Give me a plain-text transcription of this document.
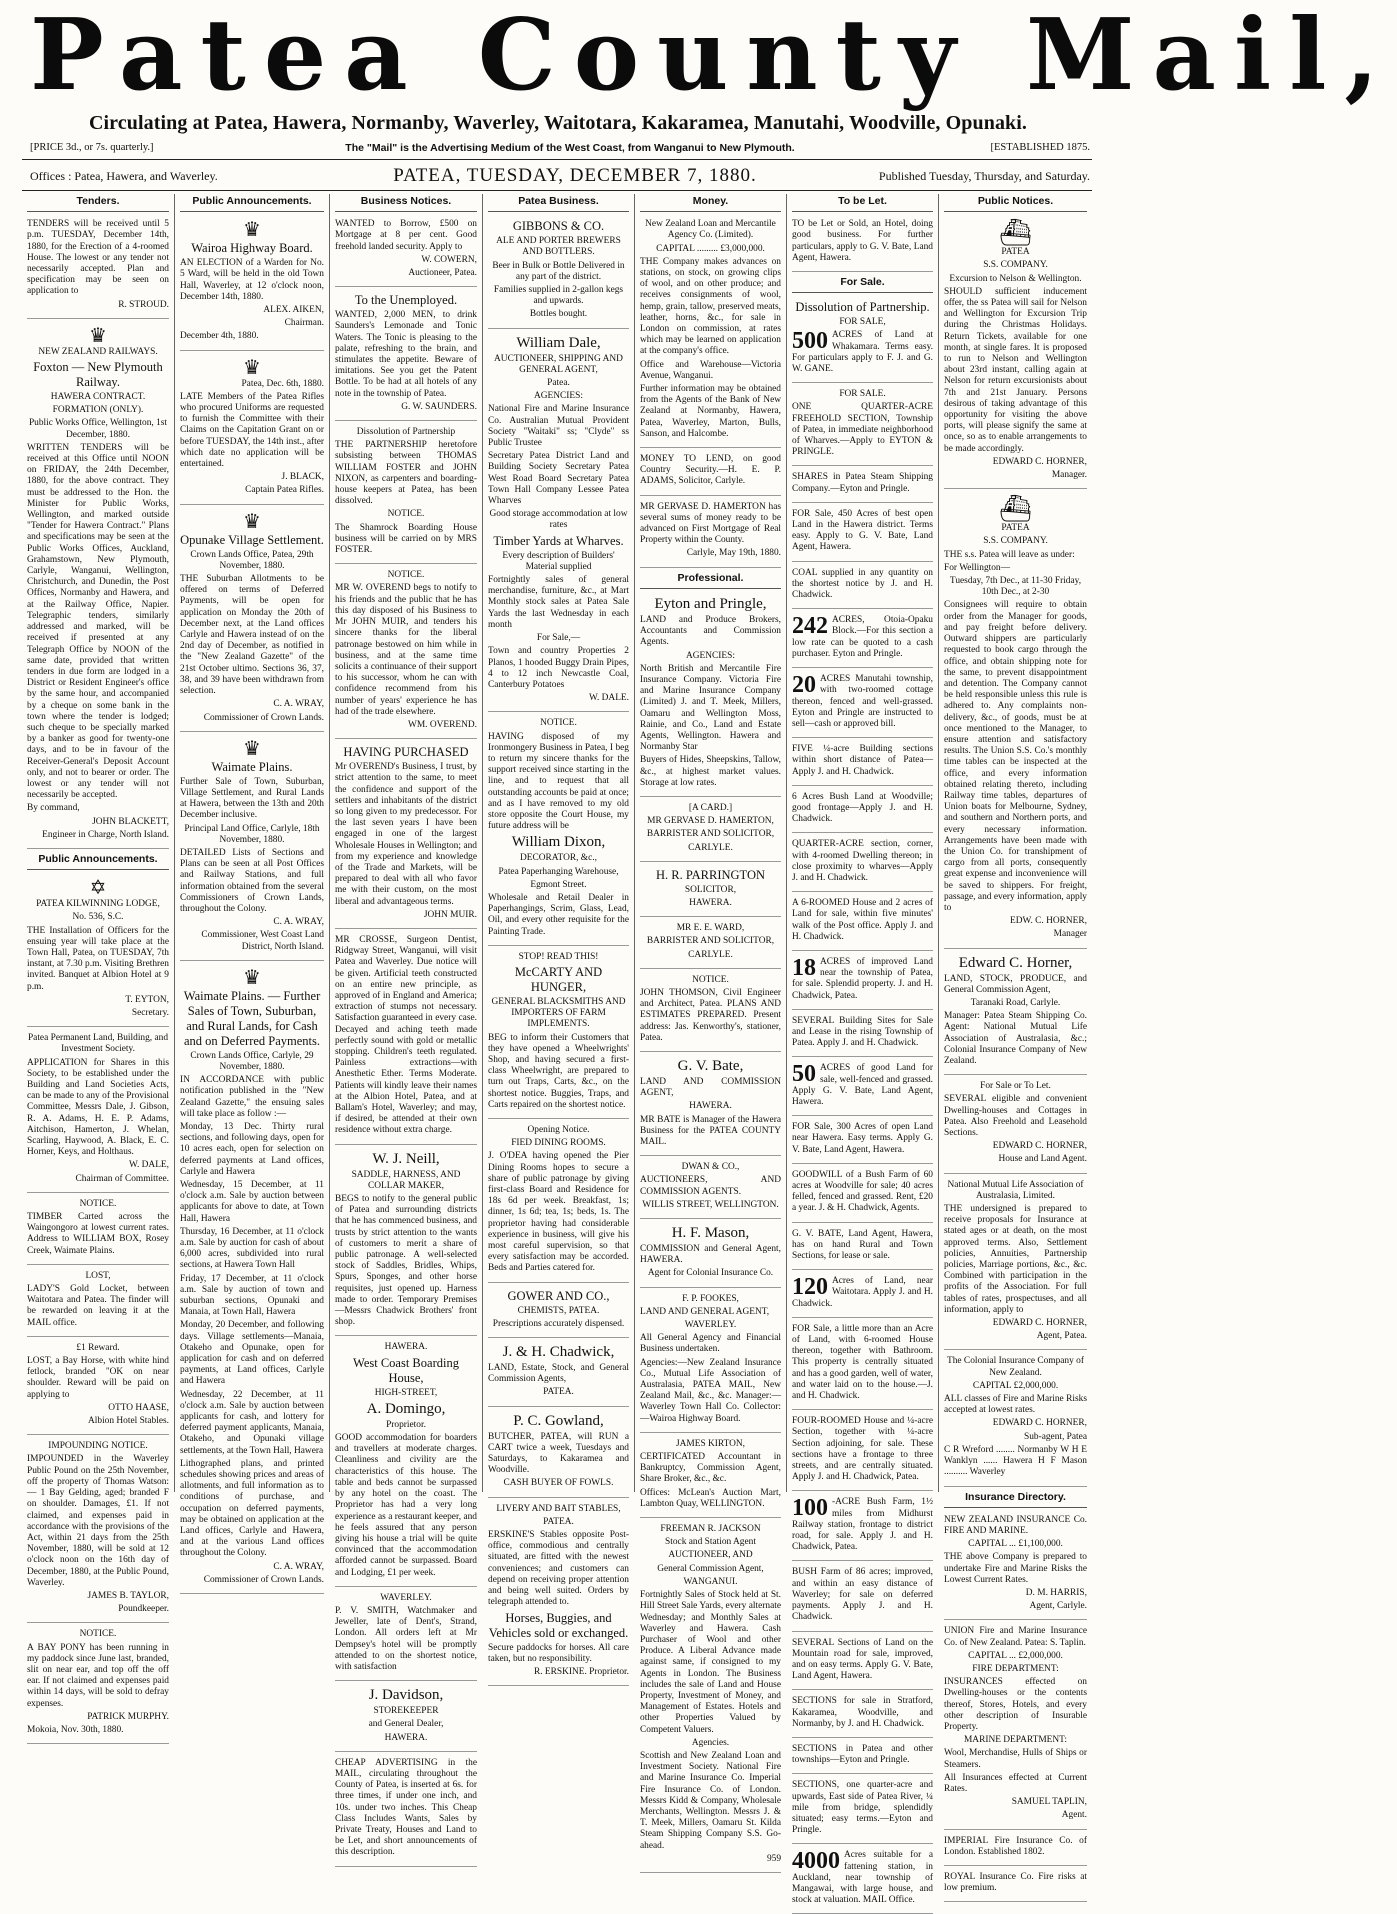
Patea County Mail,
Circulating at Patea, Hawera, Normanby, Waverley, Waitotara, Kakaramea, Manutahi, Woodville, Opunaki.
[PRICE 3d., or 7s. quarterly.]	The "Mail" is the Advertising Medium of the West Coast, from Wanganui to New Plymouth.	[ESTABLISHED 1875.
Offices : Patea, Hawera, and Waverley.	PATEA, TUESDAY, DECEMBER 7, 1880.	Published Tuesday, Thursday, and Saturday.
Tenders.

TENDERS will be received until 5 p.m. TUESDAY, December 14th, 1880, for the Erection of a 4-roomed House. The lowest or any tender not necessarily accepted. Plan and specification may be seen on application to

R. STROUD.

♛

NEW ZEALAND RAILWAYS.

Foxton — New Plymouth Railway.

HAWERA CONTRACT.

FORMATION (ONLY).

Public Works Office, Wellington, 1st December, 1880.

WRITTEN TENDERS will be received at this Office until NOON on FRIDAY, the 24th December, 1880, for the above contract. They must be addressed to the Hon. the Minister for Public Works, Wellington, and marked outside "Tender for Hawera Contract." Plans and specifications may be seen at the Public Works Offices, Auckland, Grahamstown, New Plymouth, Carlyle, Wanganui, Wellington, Christchurch, and Dunedin, the Post Offices, Normanby and Hawera, and at the Railway Office, Napier. Telegraphic tenders, similarly addressed and marked, will be received if presented at any Telegraph Office by NOON of the same date, provided that written tenders in due form are lodged in a District or Resident Engineer's office by the same hour, and accompanied by a cheque on some bank in the town where the tender is lodged; such cheque to be specially marked by a banker as good for twenty-one days, and to be in favour of the Receiver-General's Deposit Account only, and not to bearer or order. The lowest or any tender will not necessarily be accepted.

By command,

JOHN BLACKETT,

Engineer in Charge, North Island.

Public Announcements.
✡

PATEA KILWINNING LODGE,

No. 536, S.C.

THE Installation of Officers for the ensuing year will take place at the Town Hall, Patea, on TUESDAY, 7th instant, at 7.30 p.m. Visiting Brethren invited. Banquet at Albion Hotel at 9 p.m.

T. EYTON,

Secretary.

Patea Permanent Land, Building, and Investment Society.

APPLICATION for Shares in this Society, to be established under the Building and Land Societies Acts, can be made to any of the Provisional Committee, Messrs Dale, J. Gibson, R. A. Adams, H. E. P. Adams, Aitchison, Hamerton, J. Whelan, Scarling, Haywood, A. Black, E. C. Horner, Keys, and Holthaus.

W. DALE,

Chairman of Committee.

NOTICE.

TIMBER Carted across the Waingongoro at lowest current rates. Address to WILLIAM BOX, Rosey Creek, Waimate Plains.

LOST,

LADY'S Gold Locket, between Waitotara and Patea. The finder will be rewarded on leaving it at the MAIL office.

£1 Reward.

LOST, a Bay Horse, with white hind fetlock, branded "OK on near shoulder. Reward will be paid on applying to

OTTO HAASE,

Albion Hotel Stables.

IMPOUNDING NOTICE.

IMPOUNDED in the Waverley Public Pound on the 25th November, off the property of Thomas Watson:— 1 Bay Gelding, aged; branded F on shoulder. Damages, £1. If not claimed, and expenses paid in accordance with the provisions of the Act, within 21 days from the 25th November, 1880, will be sold at 12 o'clock noon on the 16th day of December, 1880, at the Public Pound, Waverley.

JAMES B. TAYLOR,

Poundkeeper.

NOTICE.

A BAY PONY has been running in my paddock since June last, branded, slit on near ear, and top off the off ear. If not claimed and expenses paid within 14 days, will be sold to defray expenses.

PATRICK MURPHY.

Mokoia, Nov. 30th, 1880.

Public Announcements.
♛

Wairoa Highway Board.

AN ELECTION of a Warden for No. 5 Ward, will be held in the old Town Hall, Waverley, at 12 o'clock noon, December 14th, 1880.

ALEX. AIKEN,

Chairman.

December 4th, 1880.

♛

Patea, Dec. 6th, 1880.

LATE Members of the Patea Rifles who procured Uniforms are requested to furnish the Committee with their Claims on the Capitation Grant on or before TUESDAY, the 14th inst., after which date no application will be entertained.

J. BLACK,

Captain Patea Rifles.

♛

Opunake Village Settlement.

Crown Lands Office, Patea, 29th November, 1880.

THE Suburban Allotments to be offered on terms of Deferred Payments, will be open for application on Monday the 20th of December next, at the Land offices Carlyle and Hawera instead of on the 2nd day of December, as notified in the "New Zealand Gazette" of the 21st October ultimo. Sections 36, 37, 38, and 39 have been withdrawn from selection.

C. A. WRAY,

Commissioner of Crown Lands.

♛

Waimate Plains.

Further Sale of Town, Suburban, Village Settlement, and Rural Lands at Hawera, between the 13th and 20th December inclusive.

Principal Land Office, Carlyle, 18th November, 1880.

DETAILED Lists of Sections and Plans can be seen at all Post Offices and Railway Stations, and full information obtained from the several Commissioners of Crown Lands, throughout the Colony.

C. A. WRAY,

Commissioner, West Coast Land District, North Island.

♛

Waimate Plains. — Further Sales of Town, Suburban, and Rural Lands, for Cash and on Deferred Payments.

Crown Lands Office, Carlyle, 29 November, 1880.

IN ACCORDANCE with public notification published in the "New Zealand Gazette," the ensuing sales will take place as follow :—

Monday, 13 Dec. Thirty rural sections, and following days, open for 10 acres each, open for selection on deferred payments at Land offices, Carlyle and Hawera

Wednesday, 15 December, at 11 o'clock a.m. Sale by auction between applicants for above to date, at Town Hall, Hawera

Thursday, 16 December, at 11 o'clock a.m. Sale by auction for cash of about 6,000 acres, subdivided into rural sections, at Hawera Town Hall

Friday, 17 December, at 11 o'clock a.m. Sale by auction of town and suburban sections, Opunaki and Manaia, at Town Hall, Hawera

Monday, 20 December, and following days. Village settlements—Manaia, Otakeho and Opunake, open for application for cash and on deferred payments, at Land offices, Carlyle and Hawera

Wednesday, 22 December, at 11 o'clock a.m. Sale by auction between applicants for cash, and lottery for deferred payment applicants, Manaia, Otakeho, and Opunaki village settlements, at the Town Hall, Hawera

Lithographed plans, and printed schedules showing prices and areas of allotments, and full information as to conditions of purchase, and occupation on deferred payments, may be obtained on application at the Land offices, Carlyle and Hawera, and at the various Land offices throughout the Colony.

C. A. WRAY,

Commissioner of Crown Lands.

Business Notices.

WANTED to Borrow, £500 on Mortgage at 8 per cent. Good freehold landed security. Apply to

W. COWERN,

Auctioneer, Patea.

To the Unemployed.

WANTED, 2,000 MEN, to drink Saunders's Lemonade and Tonic Waters. The Tonic is pleasing to the palate, refreshing to the brain, and stimulates the appetite. Beware of imitations. See you get the Patent Bottle. To be had at all hotels of any note in the township of Patea.

G. W. SAUNDERS.

Dissolution of Partnership

THE PARTNERSHIP heretofore subsisting between THOMAS WILLIAM FOSTER and JOHN NIXON, as carpenters and boarding-house keepers at Patea, has been dissolved.

NOTICE.

The Shamrock Boarding House business will be carried on by MRS FOSTER.

NOTICE.

MR W. OVEREND begs to notify to his friends and the public that he has this day disposed of his Business to Mr JOHN MUIR, and tenders his sincere thanks for the liberal patronage bestowed on him while in business, and at the same time solicits a continuance of their support to his successor, whom he can with confidence recommend from his number of years' experience he has had of the trade elsewhere.

WM. OVEREND.

HAVING PURCHASED

Mr OVEREND's Business, I trust, by strict attention to the same, to meet the confidence and support of the settlers and inhabitants of the district so long given to my predecessor. For the last seven years I have been engaged in one of the largest Wholesale Houses in Wellington; and from my experience and knowledge of the Trade and Markets, will be prepared to deal with all who favor me with their custom, on the most liberal and advantageous terms.

JOHN MUIR.

MR CROSSE, Surgeon Dentist, Ridgway Street, Wanganui, will visit Patea and Waverley. Due notice will be given. Artificial teeth constructed on an entire new principle, as approved of in England and America; extraction of stumps not necessary. Satisfaction guaranteed in every case. Decayed and aching teeth made perfectly sound with gold or metallic stopping. Children's teeth regulated. Painless extractions—with Anesthetic Ether. Terms Moderate. Patients will kindly leave their names at the Albion Hotel, Patea, and at Ballam's Hotel, Waverley; and may, if desired, be attended at their own residence without extra charge.

W. J. Neill,

SADDLE, HARNESS, AND COLLAR MAKER,

BEGS to notify to the general public of Patea and surrounding districts that he has commenced business, and trusts by strict attention to the wants of customers to merit a share of public patronage. A well-selected stock of Saddles, Bridles, Whips, Spurs, Sponges, and other horse requisites, just opened up. Harness made to order. Temporary Premises—Messrs Chadwick Brothers' front shop.

HAWERA.

West Coast Boarding House,

HIGH-STREET,

A. Domingo,

Proprietor.

GOOD accommodation for boarders and travellers at moderate charges. Cleanliness and civility are the characteristics of this house. The table and beds cannot be surpassed by any hotel on the coast. The Proprietor has had a very long experience as a restaurant keeper, and he feels assured that any person giving his house a trial will be quite convinced that the accommodation afforded cannot be surpassed. Board and Lodging, £1 per week.

WAVERLEY.

P. V. SMITH, Watchmaker and Jeweller, late of Dent's, Strand, London. All orders left at Mr Dempsey's hotel will be promptly attended to on the shortest notice, with satisfaction

J. Davidson,

STOREKEEPER

and General Dealer,

HAWERA.

CHEAP ADVERTISING in the MAIL, circulating throughout the County of Patea, is inserted at 6s. for three times, if under one inch, and 10s. under two inches. This Cheap Class Includes Wants, Sales by Private Treaty, Houses and Land to be Let, and short announcements of this description.

Patea Business.

GIBBONS & CO.

ALE AND PORTER BREWERS AND BOTTLERS.

Beer in Bulk or Bottle Delivered in any part of the district.

Families supplied in 2-gallon kegs and upwards.

Bottles bought.

William Dale,

AUCTIONEER, SHIPPING AND GENERAL AGENT,

Patea.

AGENCIES:

National Fire and Marine Insurance Co. Australian Mutual Provident Society "Waitaki" ss; "Clyde" ss Public Trustee

Secretary Patea District Land and Building Society Secretary Patea West Road Board Secretary Patea Town Hall Company Lessee Patea Wharves

Good storage accommodation at low rates

Timber Yards at Wharves.

Every description of Builders' Material supplied

Fortnightly sales of general merchandise, furniture, &c., at Mart Monthly stock sales at Patea Sale Yards the last Wednesday in each month

For Sale,—

Town and country Properties 2 Planos, 1 hooded Buggy Drain Pipes, 4 to 12 inch Newcastle Coal, Canterbury Potatoes

W. DALE.

NOTICE.

HAVING disposed of my Ironmongery Business in Patea, I beg to return my sincere thanks for the support received since starting in the line, and to request that all outstanding accounts be paid at once; and as I have removed to my old store opposite the Court House, my future address will be

William Dixon,

DECORATOR, &c.,

Patea Paperhanging Warehouse,

Egmont Street.

Wholesale and Retail Dealer in Paperhangings, Scrim, Glass, Lead, Oil, and every other requisite for the Painting Trade.

STOP! READ THIS!

McCARTY AND HUNGER,

GENERAL BLACKSMITHS AND IMPORTERS OF FARM IMPLEMENTS.

BEG to inform their Customers that they have opened a Wheelwrights' Shop, and having secured a first-class Wheelwright, are prepared to turn out Traps, Carts, &c., on the shortest notice. Buggies, Traps, and Carts repaired on the shortest notice.

Opening Notice.

FIED DINING ROOMS.

J. O'DEA having opened the Pier Dining Rooms hopes to secure a share of public patronage by giving first-class Board and Residence for 18s 6d per week. Breakfast, 1s; dinner, 1s 6d; tea, 1s; beds, 1s. The proprietor having had considerable experience in business, will give his most careful supervision, so that every satisfaction may be accorded. Beds and Parties catered for.

GOWER AND CO.,

CHEMISTS, PATEA.

Prescriptions accurately dispensed.

J. & H. Chadwick,

LAND, Estate, Stock, and General Commission Agents,

PATEA.

P. C. Gowland,

BUTCHER, PATEA, will RUN a CART twice a week, Tuesdays and Saturdays, to Kakaramea and Woodville.

CASH BUYER OF FOWLS.

LIVERY AND BAIT STABLES,

PATEA.

ERSKINE'S Stables opposite Post-office, commodious and centrally situated, are fitted with the newest conveniences; and customers can depend on receiving proper attention and being well suited. Orders by telegraph attended to.

Horses, Buggies, and Vehicles sold or exchanged.

Secure paddocks for horses. All care taken, but no responsibility.

R. ERSKINE. Proprietor.

Money.

New Zealand Loan and Mercantile Agency Co. (Limited).

CAPITAL ......... £3,000,000.

THE Company makes advances on stations, on stock, on growing clips of wool, and on other produce; and receives consignments of wool, hemp, grain, tallow, preserved meats, leather, horns, &c., for sale in London on commission, at rates which may be learned on application at the company's office.

Office and Warehouse—Victoria Avenue, Wanganui.

Further information may be obtained from the Agents of the Bank of New Zealand at Normanby, Hawera, Patea, Waverley, Marton, Bulls, Sanson, and Halcombe.

MONEY TO LEND, on good Country Security.—H. E. P. ADAMS, Solicitor, Carlyle.

MR GERVASE D. HAMERTON has several sums of money ready to be advanced on First Mortgage of Real Property within the County.

Carlyle, May 19th, 1880.

Professional.

Eyton and Pringle,

LAND and Produce Brokers, Accountants and Commission Agents.

AGENCIES:

North British and Mercantile Fire Insurance Company. Victoria Fire and Marine Insurance Company (Limited) J. and T. Meek, Millers, Oamaru and Wellington Moss, Rainie, and Co., Land and Estate Agents, Wellington. Hawera and Normanby Star

Buyers of Hides, Sheepskins, Tallow, &c., at highest market values. Storage at low rates.

[A CARD.]

MR GERVASE D. HAMERTON,

BARRISTER AND SOLICITOR,

CARLYLE.

H. R. PARRINGTON

SOLICITOR,

HAWERA.

MR E. E. WARD,

BARRISTER AND SOLICITOR,

CARLYLE.

NOTICE.

JOHN THOMSON, Civil Engineer and Architect, Patea. PLANS AND ESTIMATES PREPARED. Present address: Jas. Kenworthy's, stationer, Patea.

G. V. Bate,

LAND AND COMMISSION AGENT,

HAWERA.

MR BATE is Manager of the Hawera Business for the PATEA COUNTY MAIL.

DWAN & CO.,

AUCTIONEERS, AND COMMISSION AGENTS.

WILLIS STREET, WELLINGTON.

H. F. Mason,

COMMISSION and General Agent, HAWERA.

Agent for Colonial Insurance Co.

F. P. FOOKES,

LAND AND GENERAL AGENT,

WAVERLEY.

All General Agency and Financial Business undertaken.

Agencies:—New Zealand Insurance Co., Mutual Life Association of Australasia, PATEA MAIL, New Zealand Mail, &c., &c. Manager:—Waverley Town Hall Co. Collector:—Wairoa Highway Board.

JAMES KIRTON,

CERTIFICATED Accountant in Bankruptcy, Commission Agent, Share Broker, &c., &c.

Offices: McLean's Auction Mart, Lambton Quay, WELLINGTON.

FREEMAN R. JACKSON

Stock and Station Agent

AUCTIONEER, AND

General Commission Agent,

WANGANUI.

Fortnightly Sales of Stock held at St. Hill Street Sale Yards, every alternate Wednesday; and Monthly Sales at Waverley and Hawera. Cash Purchaser of Wool and other Produce. A Liberal Advance made against same, if consigned to my Agents in London. The Business includes the sale of Land and House Property, Investment of Money, and Management of Estates. Hotels and other Properties Valued by Competent Valuers.

Agencies.

Scottish and New Zealand Loan and Investment Society. National Fire and Marine Insurance Co. Imperial Fire Insurance Co. of London. Messrs Kidd & Company, Wholesale Merchants, Wellington. Messrs J. & T. Meek, Millers, Oamaru St. Kilda Steam Shipping Company S.S. Go-ahead.

959

To be Let.

TO be Let or Sold, an Hotel, doing good business. For further particulars, apply to G. V. Bate, Land Agent, Hawera.

For Sale.

Dissolution of Partnership.

FOR SALE,

500 ACRES of Land at Whakamara. Terms easy. For particulars apply to F. J. and G. W. GANE.

FOR SALE.

ONE QUARTER-ACRE FREEHOLD SECTION, Township of Patea, in immediate neighborhood of Wharves.—Apply to EYTON & PRINGLE.

SHARES in Patea Steam Shipping Company.—Eyton and Pringle.

FOR Sale, 450 Acres of best open Land in the Hawera district. Terms easy. Apply to G. V. Bate, Land Agent, Hawera.

COAL supplied in any quantity on the shortest notice by J. and H. Chadwick.

242 ACRES, Otoia-Opaku Block.—For this section a low rate can be quoted to a cash purchaser. Eyton and Pringle.

20 ACRES Manutahi township, with two-roomed cottage thereon, fenced and well-grassed. Eyton and Pringle are instructed to sell—cash or approved bill.

FIVE ¼-acre Building sections within short distance of Patea—Apply J. and H. Chadwick.

6 Acres Bush Land at Woodville; good frontage—Apply J. and H. Chadwick.

QUARTER-ACRE section, corner, with 4-roomed Dwelling thereon; in close proximity to wharves—Apply J. and H. Chadwick.

A 6-ROOMED House and 2 acres of Land for sale, within five minutes' walk of the Post office. Apply J. and H. Chadwick.

18 ACRES of improved Land near the township of Patea, for sale. Splendid property. J. and H. Chadwick, Patea.

SEVERAL Building Sites for Sale and Lease in the rising Township of Patea. Apply J. and H. Chadwick.

50 ACRES of good Land for sale, well-fenced and grassed. Apply G. V. Bate, Land Agent, Hawera.

FOR Sale, 300 Acres of open Land near Hawera. Easy terms. Apply G. V. Bate, Land Agent, Hawera.

GOODWILL of a Bush Farm of 60 acres at Woodville for sale; 40 acres felled, fenced and grassed. Rent, £20 a year. J. & H. Chadwick, Agents.

G. V. BATE, Land Agent, Hawera, has on hand Rural and Town Sections, for lease or sale.

120 Acres of Land, near Waitotara. Apply J. and H. Chadwick.

FOR Sale, a little more than an Acre of Land, with 6-roomed House thereon, together with Bathroom. This property is centrally situated and has a good garden, well of water, and water laid on to the house.—J. and H. Chadwick.

FOUR-ROOMED House and ¼-acre Section, together with ¼-acre Section adjoining, for sale. These sections have a frontage to three streets, and are centrally situated. Apply J. and H. Chadwick, Patea.

100 -ACRE Bush Farm, 1½ miles from Midhurst Railway station, frontage to district road, for sale. Apply J. and H. Chadwick, Patea.

BUSH Farm of 86 acres; improved, and within an easy distance of Waverley; for sale on deferred payments. Apply J. and H. Chadwick.

SEVERAL Sections of Land on the Mountain road for sale, improved, and on easy terms. Apply G. V. Bate, Land Agent, Hawera.

SECTIONS for sale in Stratford, Kakaramea, Woodville, and Normanby, by J. and H. Chadwick.

SECTIONS in Patea and other townships—Eyton and Pringle.

SECTIONS, one quarter-acre and upwards, East side of Patea River, ¼ mile from bridge, splendidly situated; easy terms.—Eyton and Pringle.

4000 Acres suitable for a fattening station, in Auckland, near township of Mangawai, with large house, and stock at valuation. MAIL Office.

Public Notices.
⛴

PATEA

S.S. COMPANY.

Excursion to Nelson & Wellington.

SHOULD sufficient inducement offer, the ss Patea will sail for Nelson and Wellington for Excursion Trip during the Christmas Holidays. Return Tickets, available for one month, at single fares. It is proposed to run to Nelson and Wellington about 23rd instant, calling again at Nelson for return excursionists about 7th and 21st January. Persons desirous of taking advantage of this opportunity for visiting the above ports, will please signify the same at once, so as to enable arrangements to be made accordingly.

EDWARD C. HORNER,

Manager.

⛴

PATEA

S.S. COMPANY.

THE s.s. Patea will leave as under:

For Wellington—

Tuesday, 7th Dec., at 11-30 Friday, 10th Dec., at 2-30

Consignees will require to obtain order from the Manager for goods, and pay freight before delivery. Outward shippers are particularly requested to book cargo through the office, and obtain shipping note for the same, to prevent disappointment and detention. The Company cannot be held responsible unless this rule is adhered to. Any complaints non-delivery, &c., of goods, must be at once mentioned to the Manager, to ensure attention and satisfactory results. The Union S.S. Co.'s monthly time tables can be inspected at the office, and every information obtained relating thereto, including Railway time tables, departures of Union boats for Melbourne, Sydney, and southern and Northern ports, and every necessary information. Arrangements have been made with the Union Co. for transhipment of cargo from all ports, consequently great expense and inconvenience will be saved to shippers. For freight, passage, and every information, apply to

EDW. C. HORNER,

Manager

Edward C. Horner,

LAND, STOCK, PRODUCE, and General Commission Agent,

Taranaki Road, Carlyle.

Manager: Patea Steam Shipping Co. Agent: National Mutual Life Association of Australasia, &c.; Colonial Insurance Company of New Zealand.

For Sale or To Let.

SEVERAL eligible and convenient Dwelling-houses and Cottages in Patea. Also Freehold and Leasehold Sections.

EDWARD C. HORNER,

House and Land Agent.

National Mutual Life Association of Australasia, Limited.

THE undersigned is prepared to receive proposals for Insurance at stated ages or at death, on the most approved terms. Also, Settlement policies, Annuities, Partnership policies, Marriage portions, &c., &c. Combined with participation in the profits of the Association. For full tables of rates, prospectuses, and all information, apply to

EDWARD C. HORNER,

Agent, Patea.

The Colonial Insurance Company of New Zealand.

CAPITAL £2,000,000.

ALL classes of Fire and Marine Risks accepted at lowest rates.

EDWARD C. HORNER,

Sub-agent, Patea

C R Wreford ........ Normanby W H E Wanklyn ...... Hawera H F Mason .......... Waverley

Insurance Directory.

NEW ZEALAND INSURANCE Co. FIRE AND MARINE.

CAPITAL ... £1,100,000.

THE above Company is prepared to undertake Fire and Marine Risks the Lowest Current Rates.

D. M. HARRIS,

Agent, Carlyle.

UNION Fire and Marine Insurance Co. of New Zealand. Patea: S. Taplin.

CAPITAL ... £2,000,000.

FIRE DEPARTMENT:

INSURANCES effected on Dwelling-houses or the contents thereof, Stores, Hotels, and every other description of Insurable Property.

MARINE DEPARTMENT:

Wool, Merchandise, Hulls of Ships or Steamers.

All Insurances effected at Current Rates.

SAMUEL TAPLIN,

Agent.

IMPERIAL Fire Insurance Co. of London. Established 1802.

ROYAL Insurance Co. Fire risks at low premium.
